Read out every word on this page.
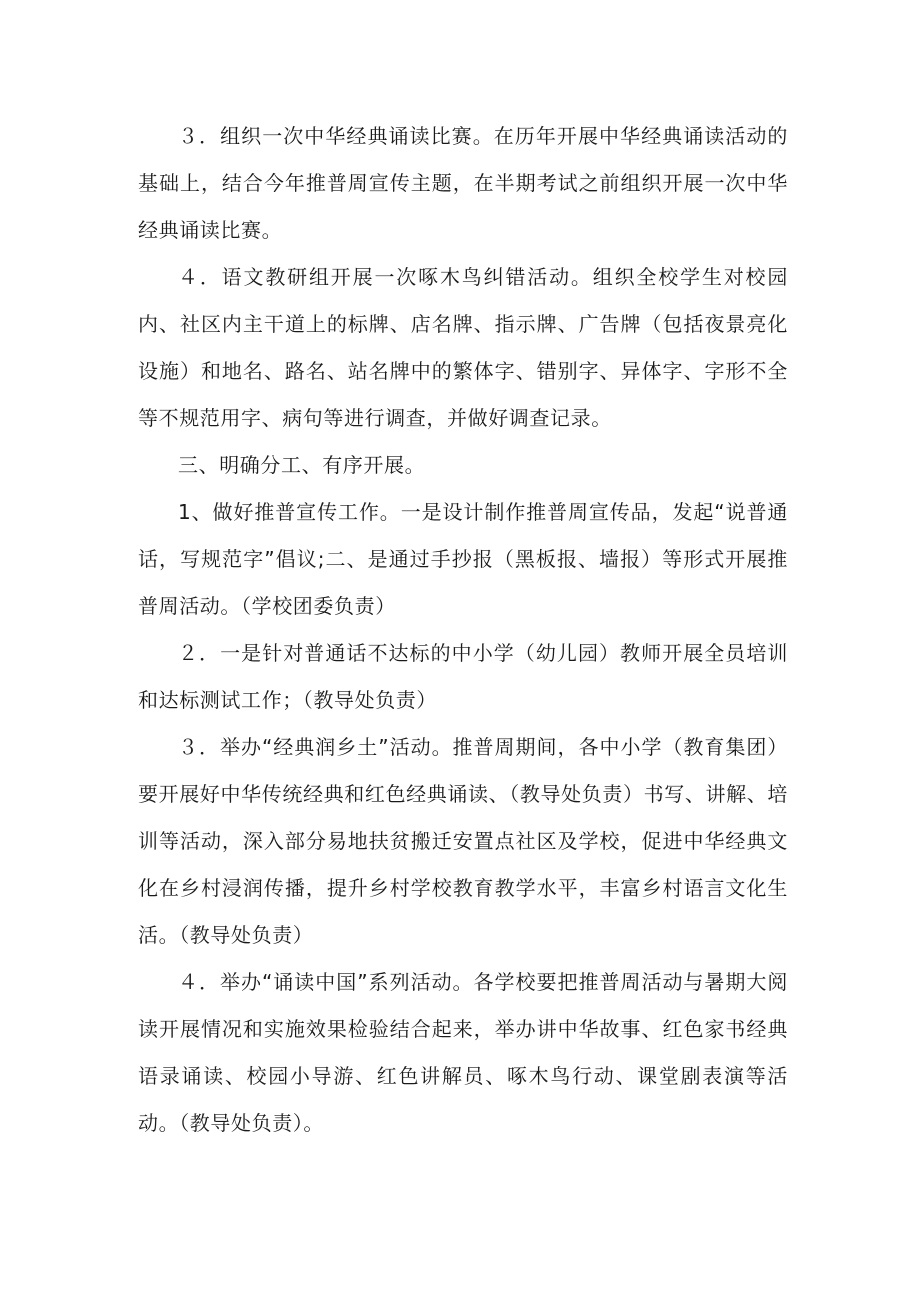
３．组织一次中华经典诵读比赛。在历年开展中华经典诵读活动的基础上，结合今年推普周宣传主题，在半期考试之前组织开展一次中华经典诵读比赛。

４．语文教研组开展一次啄木鸟纠错活动。组织全校学生对校园内、社区内主干道上的标牌、店名牌、指示牌、广告牌（包括夜景亮化设施）和地名、路名、站名牌中的繁体字、错别字、异体字、字形不全等不规范用字、病句等进行调查，并做好调查记录。

三、明确分工、有序开展。

1、做好推普宣传工作。一是设计制作推普周宣传品，发起“说普通话，写规范字”倡议;二、是通过手抄报（黑板报、墙报）等形式开展推普周活动。（学校团委负责）

２．一是针对普通话不达标的中小学（幼儿园）教师开展全员培训和达标测试工作；（教导处负责）

３．举办“经典润乡土”活动。推普周期间，各中小学（教育集团）要开展好中华传统经典和红色经典诵读、（教导处负责）书写、讲解、培训等活动，深入部分易地扶贫搬迁安置点社区及学校，促进中华经典文化在乡村浸润传播，提升乡村学校教育教学水平，丰富乡村语言文化生活。（教导处负责）

４．举办“诵读中国”系列活动。各学校要把推普周活动与暑期大阅读开展情况和实施效果检验结合起来，举办讲中华故事、红色家书经典语录诵读、校园小导游、红色讲解员、啄木鸟行动、课堂剧表演等活动。（教导处负责）。
